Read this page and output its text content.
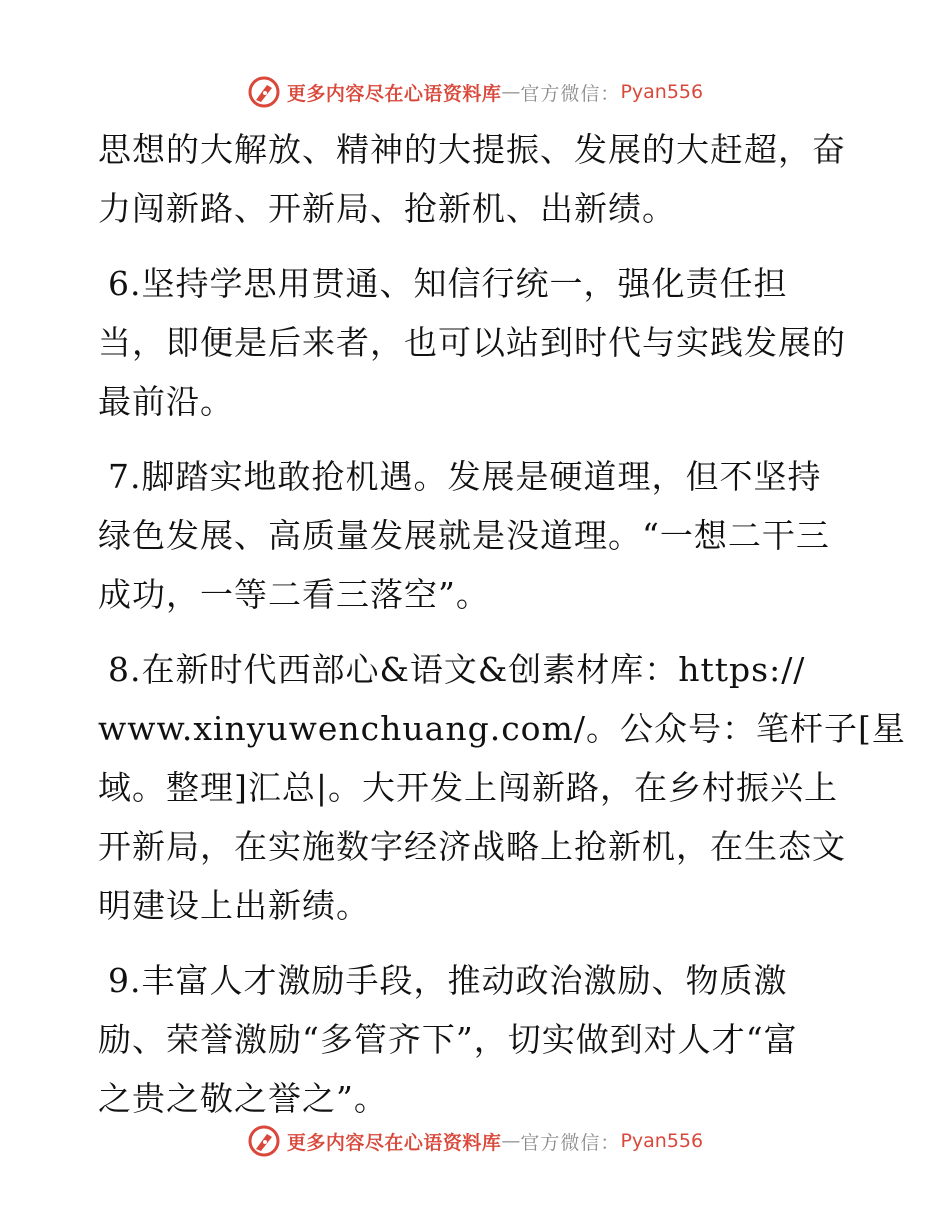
更多内容尽在心语资料库 — 官方微信： Pyan556
思想的大解放、精神的大提振、发展的大赶超，奋
力闯新路、开新局、抢新机、出新绩。
6.坚持学思用贯通、知信行统一，强化责任担
当，即便是后来者，也可以站到时代与实践发展的
最前沿。
7.脚踏实地敢抢机遇。发展是硬道理，但不坚持
绿色发展、高质量发展就是没道理。“一想二干三
成功，一等二看三落空”。
8.在新时代西部心&语文&创素材库：https://
www.xinyuwenchuang.com/。公众号：笔杆子[星
域。整理]汇总|。大开发上闯新路，在乡村振兴上
开新局，在实施数字经济战略上抢新机，在生态文
明建设上出新绩。
9.丰富人才激励手段，推动政治激励、物质激
励、荣誉激励“多管齐下”，切实做到对人才“富
之贵之敬之誉之”。
更多内容尽在心语资料库 — 官方微信： Pyan556
